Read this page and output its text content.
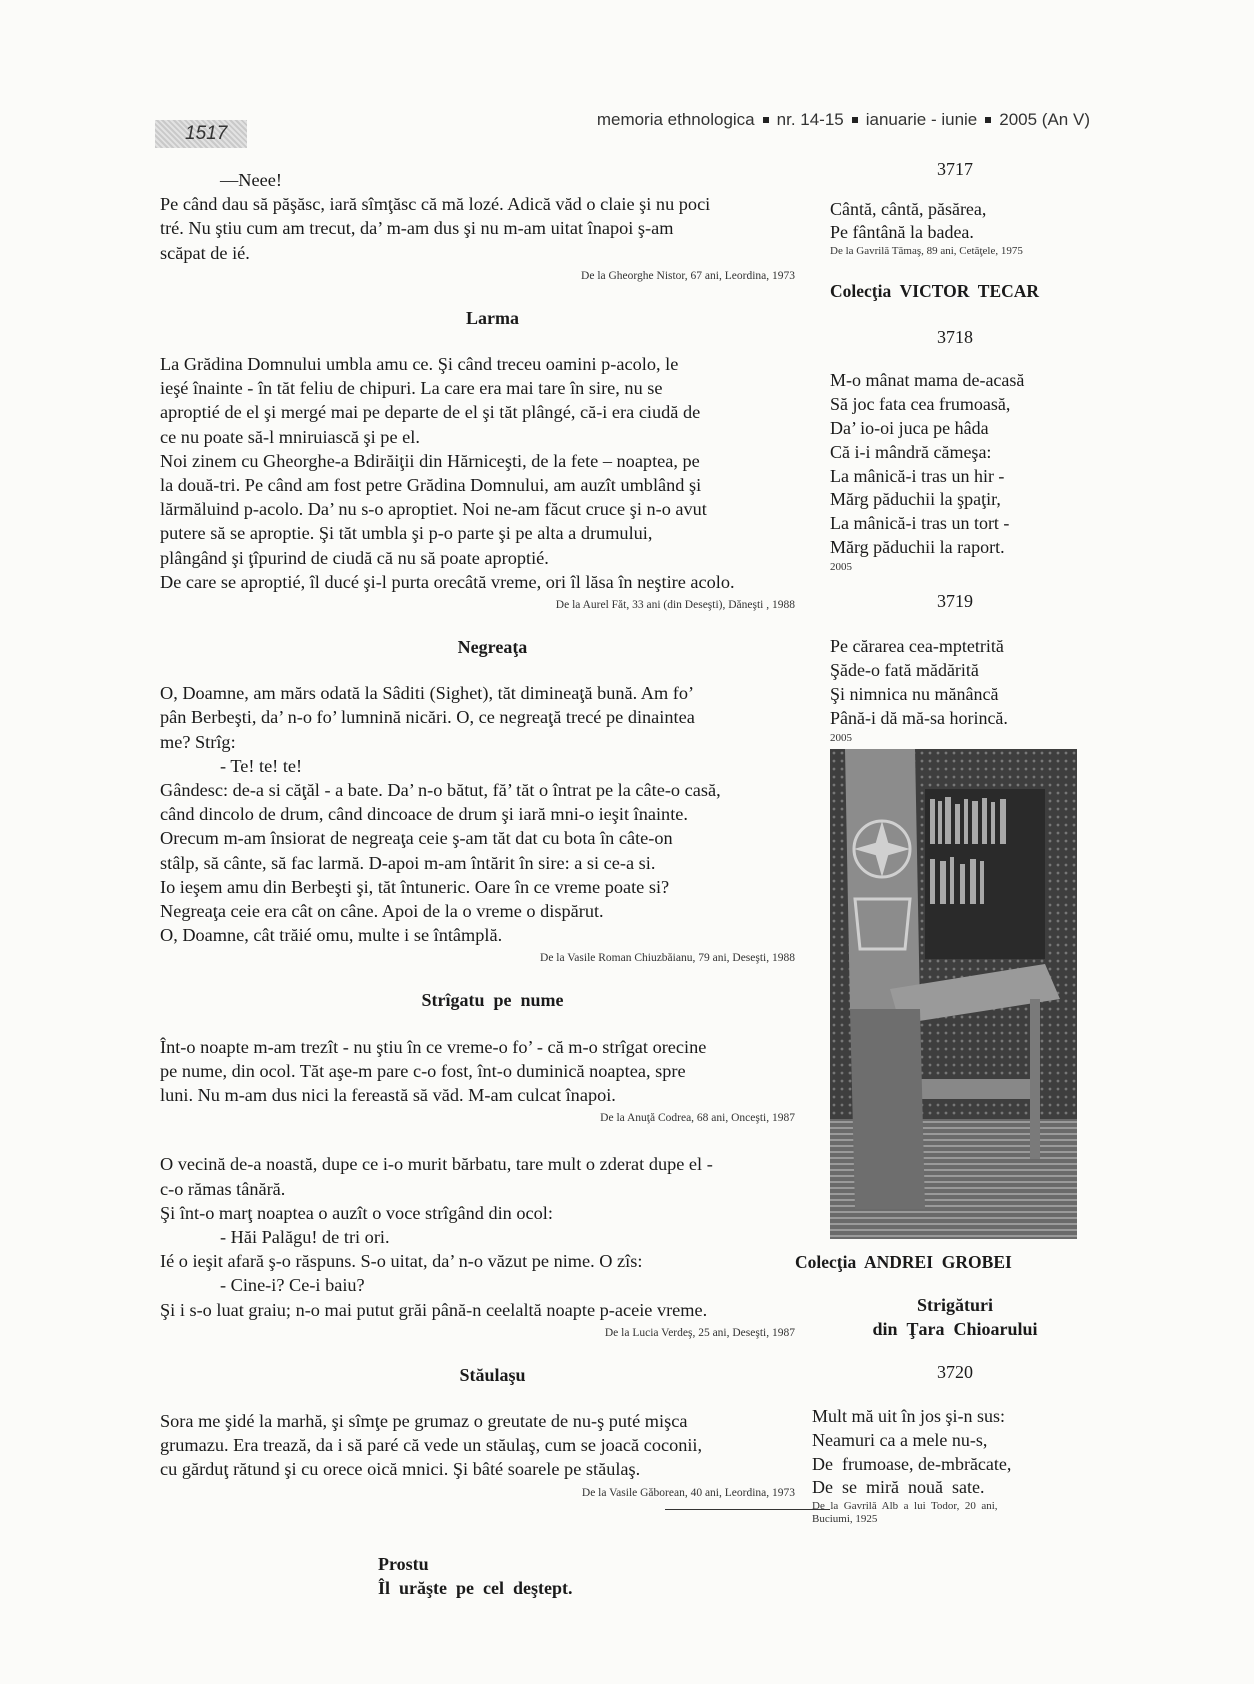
1517
memoria ethnologica nr. 14-15 ianuarie - iunie 2005 (An V)

—Neee!

Pe când dau să păşăsc, iară sîmţăsc că mă lozé. Adică văd o claie şi nu poci

tré. Nu ştiu cum am trecut, da’ m-am dus şi nu m-am uitat înapoi ş-am

scăpat de ié.

De la Gheorghe Nistor, 67 ani, Leordina, 1973

Larma

La Grădina Domnului umbla amu ce. Şi când treceu oamini p-acolo, le

ieşé înainte - în tăt feliu de chipuri. La care era mai tare în sire, nu se

aproptié de el şi mergé mai pe departe de el şi tăt plângé, că-i era ciudă de

ce nu poate să-l mniruiască şi pe el.

Noi zinem cu Gheorghe-a Bdirăiţii din Hărniceşti, de la fete – noaptea, pe

la două-tri. Pe când am fost petre Grădina Domnului, am auzît umblând şi

lărmăluind p-acolo. Da’ nu s-o aproptiet. Noi ne-am făcut cruce şi n-o avut

putere să se aproptie. Şi tăt umbla şi p-o parte şi pe alta a drumului,

plângând şi ţîpurind de ciudă că nu să poate aproptié.

De care se aproptié, îl ducé şi-l purta orecâtă vreme, ori îl lăsa în neştire acolo.

De la Aurel Făt, 33 ani (din Deseşti), Dăneşti , 1988

Negreaţa

O, Doamne, am mărs odată la Sâditi (Sighet), tăt dimineaţă bună. Am fo’

pân Berbeşti, da’ n-o fo’ lumnină nicări. O, ce negreaţă trecé pe dinaintea

me? Strîg:

- Te! te! te!

Gândesc: de-a si căţăl - a bate. Da’ n-o bătut, fă’ tăt o întrat pe la câte-o casă,

când dincolo de drum, când dincoace de drum şi iară mni-o ieşit înainte.

Orecum m-am însiorat de negreaţa ceie ş-am tăt dat cu bota în câte-on

stâlp, să cânte, să fac larmă. D-apoi m-am întărit în sire: a si ce-a si.

Io ieşem amu din Berbeşti şi, tăt întuneric. Oare în ce vreme poate si?

Negreaţa ceie era cât on câne. Apoi de la o vreme o dispărut.

O, Doamne, cât trăié omu, multe i se întâmplă.

De la Vasile Roman Chiuzbăianu, 79 ani, Deseşti, 1988

Strîgatu  pe  nume

Înt-o noapte m-am trezît - nu ştiu în ce vreme-o fo’ - că m-o strîgat orecine

pe nume, din ocol. Tăt aşe-m pare c-o fost, înt-o duminică noaptea, spre

luni. Nu m-am dus nici la fereastă să văd. M-am culcat înapoi.

De la Anuţă Codrea, 68 ani, Onceşti, 1987

O vecină de-a noastă, dupe ce i-o murit bărbatu, tare mult o zderat dupe el -

c-o rămas tânără.

Şi înt-o marţ noaptea o auzît o voce strîgând din ocol:

- Hăi Palăgu! de tri ori.

Ié o ieşit afară ş-o răspuns. S-o uitat, da’ n-o văzut pe nime. O zîs:

- Cine-i? Ce-i baiu?

Şi i s-o luat graiu; n-o mai putut grăi până-n ceelaltă noapte p-aceie vreme.

De la Lucia Verdeş, 25 ani, Deseşti, 1987

Stăulaşu

Sora me şidé la marhă, şi sîmţe pe grumaz o greutate de nu-ş puté mişca

grumazu. Era trează, da i să paré că vede un stăulaş, cum se joacă coconii,

cu gărduţ rătund şi cu orece oică mnici. Şi bâté soarele pe stăulaş.

De la Vasile Găborean, 40 ani, Leordina, 1973

Prostu

Îl  urăşte  pe  cel  deştept.

3717

Cântă, cântă, păsărea,

Pe fântână la badea.

De la Gavrilă Tămaş, 89 ani, Cetăţele, 1975

Colecţia  VICTOR  TECAR
3718

M-o mânat mama de-acasă

Să joc fata cea frumoasă,

Da’ io-oi juca pe hâda

Că i-i mândră cămeşa:

La mânică-i tras un hir -

Mărg păduchii la şpaţir,

La mânică-i tras un tort -

Mărg păduchii la raport.

2005

3719

Pe cărarea cea-mptetrită

Şăde-o fată mădărită

Şi nimnica nu mănâncă

Până-i dă mă-sa horincă.

2005

Colecţia  ANDREI  GROBEI

Strigături

din  Ţara  Chioarului

3720

Mult mă uit în jos şi-n sus:

Neamuri ca a mele nu-s,

De  frumoase, de-mbrăcate,

De  se  miră  nouă  sate.

De  la  Gavrilă  Alb  a  lui  Todor,  20  ani,

Buciumi, 1925
